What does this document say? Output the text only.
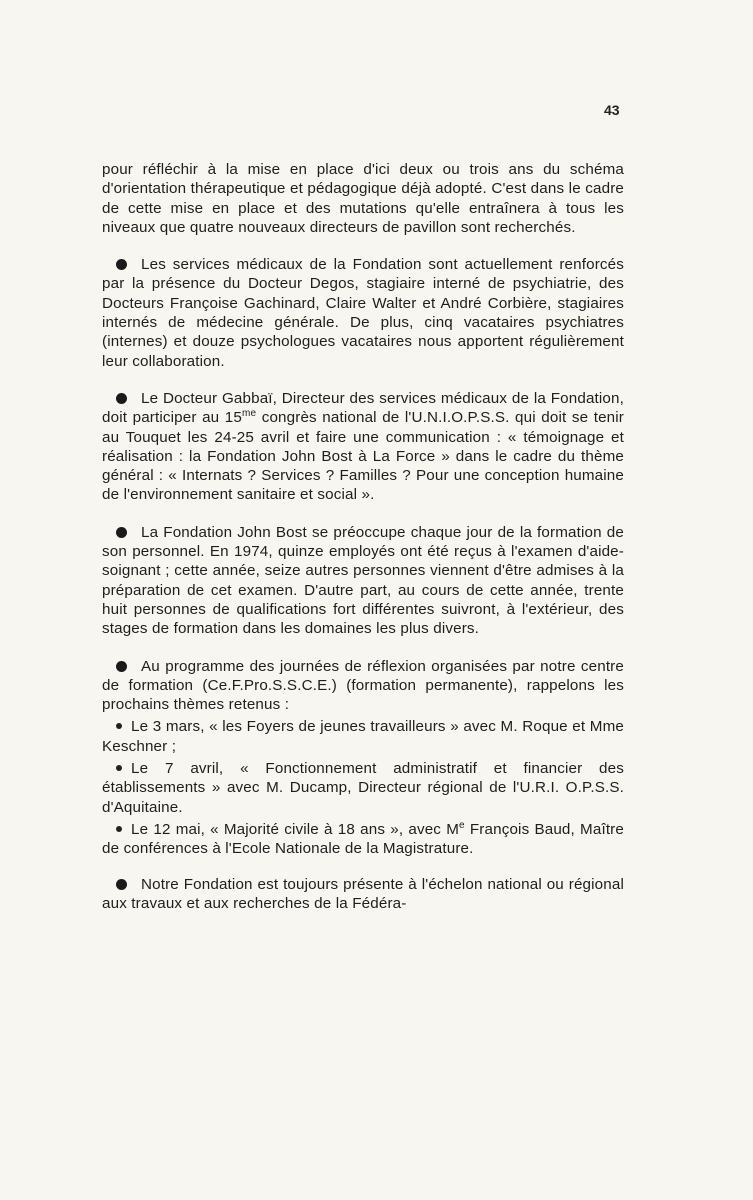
43

pour réfléchir à la mise en place d'ici deux ou trois ans du schéma d'orientation thérapeutique et pédagogique déjà adopté. C'est dans le cadre de cette mise en place et des mutations qu'elle entraînera à tous les niveaux que quatre nouveaux directeurs de pavillon sont recherchés.

Les services médicaux de la Fondation sont actuellement renforcés par la présence du Docteur Degos, stagiaire interné de psychiatrie, des Docteurs Françoise Gachinard, Claire Walter et André Corbière, stagiaires internés de médecine générale. De plus, cinq vacataires psychiatres (internes) et douze psychologues vacataires nous apportent régulièrement leur collaboration.

Le Docteur Gabbaï, Directeur des services médicaux de la Fondation, doit participer au $15^{me}$ congrès national de l'U.N.I.O.P.S.S. qui doit se tenir au Touquet les 24-25 avril et faire une communication : « témoignage et réalisation : la Fondation John Bost à La Force » dans le cadre du thème général : « Internats ? Services ? Familles ? Pour une conception humaine de l'environnement sanitaire et social ».

La Fondation John Bost se préoccupe chaque jour de la formation de son personnel. En 1974, quinze employés ont été reçus à l'examen d'aide-soignant ; cette année, seize autres personnes viennent d'être admises à la préparation de cet examen. D'autre part, au cours de cette année, trente huit personnes de qualifications fort différentes suivront, à l'extérieur, des stages de formation dans les domaines les plus divers.

Au programme des journées de réflexion organisées par notre centre de formation (Ce.F.Pro.S.S.C.E.) (formation permanente), rappelons les prochains thèmes retenus :

Le 3 mars, « les Foyers de jeunes travailleurs » avec M. Roque et Mme Keschner ;

Le 7 avril, « Fonctionnement administratif et financier des établissements » avec M. Ducamp, Directeur régional de l'U.R.I. O.P.S.S. d'Aquitaine.

Le 12 mai, « Majorité civile à 18 ans », avec Me François Baud, Maître de conférences à l'Ecole Nationale de la Magistrature.

Notre Fondation est toujours présente à l'échelon national ou régional aux travaux et aux recherches de la Fédéra-
